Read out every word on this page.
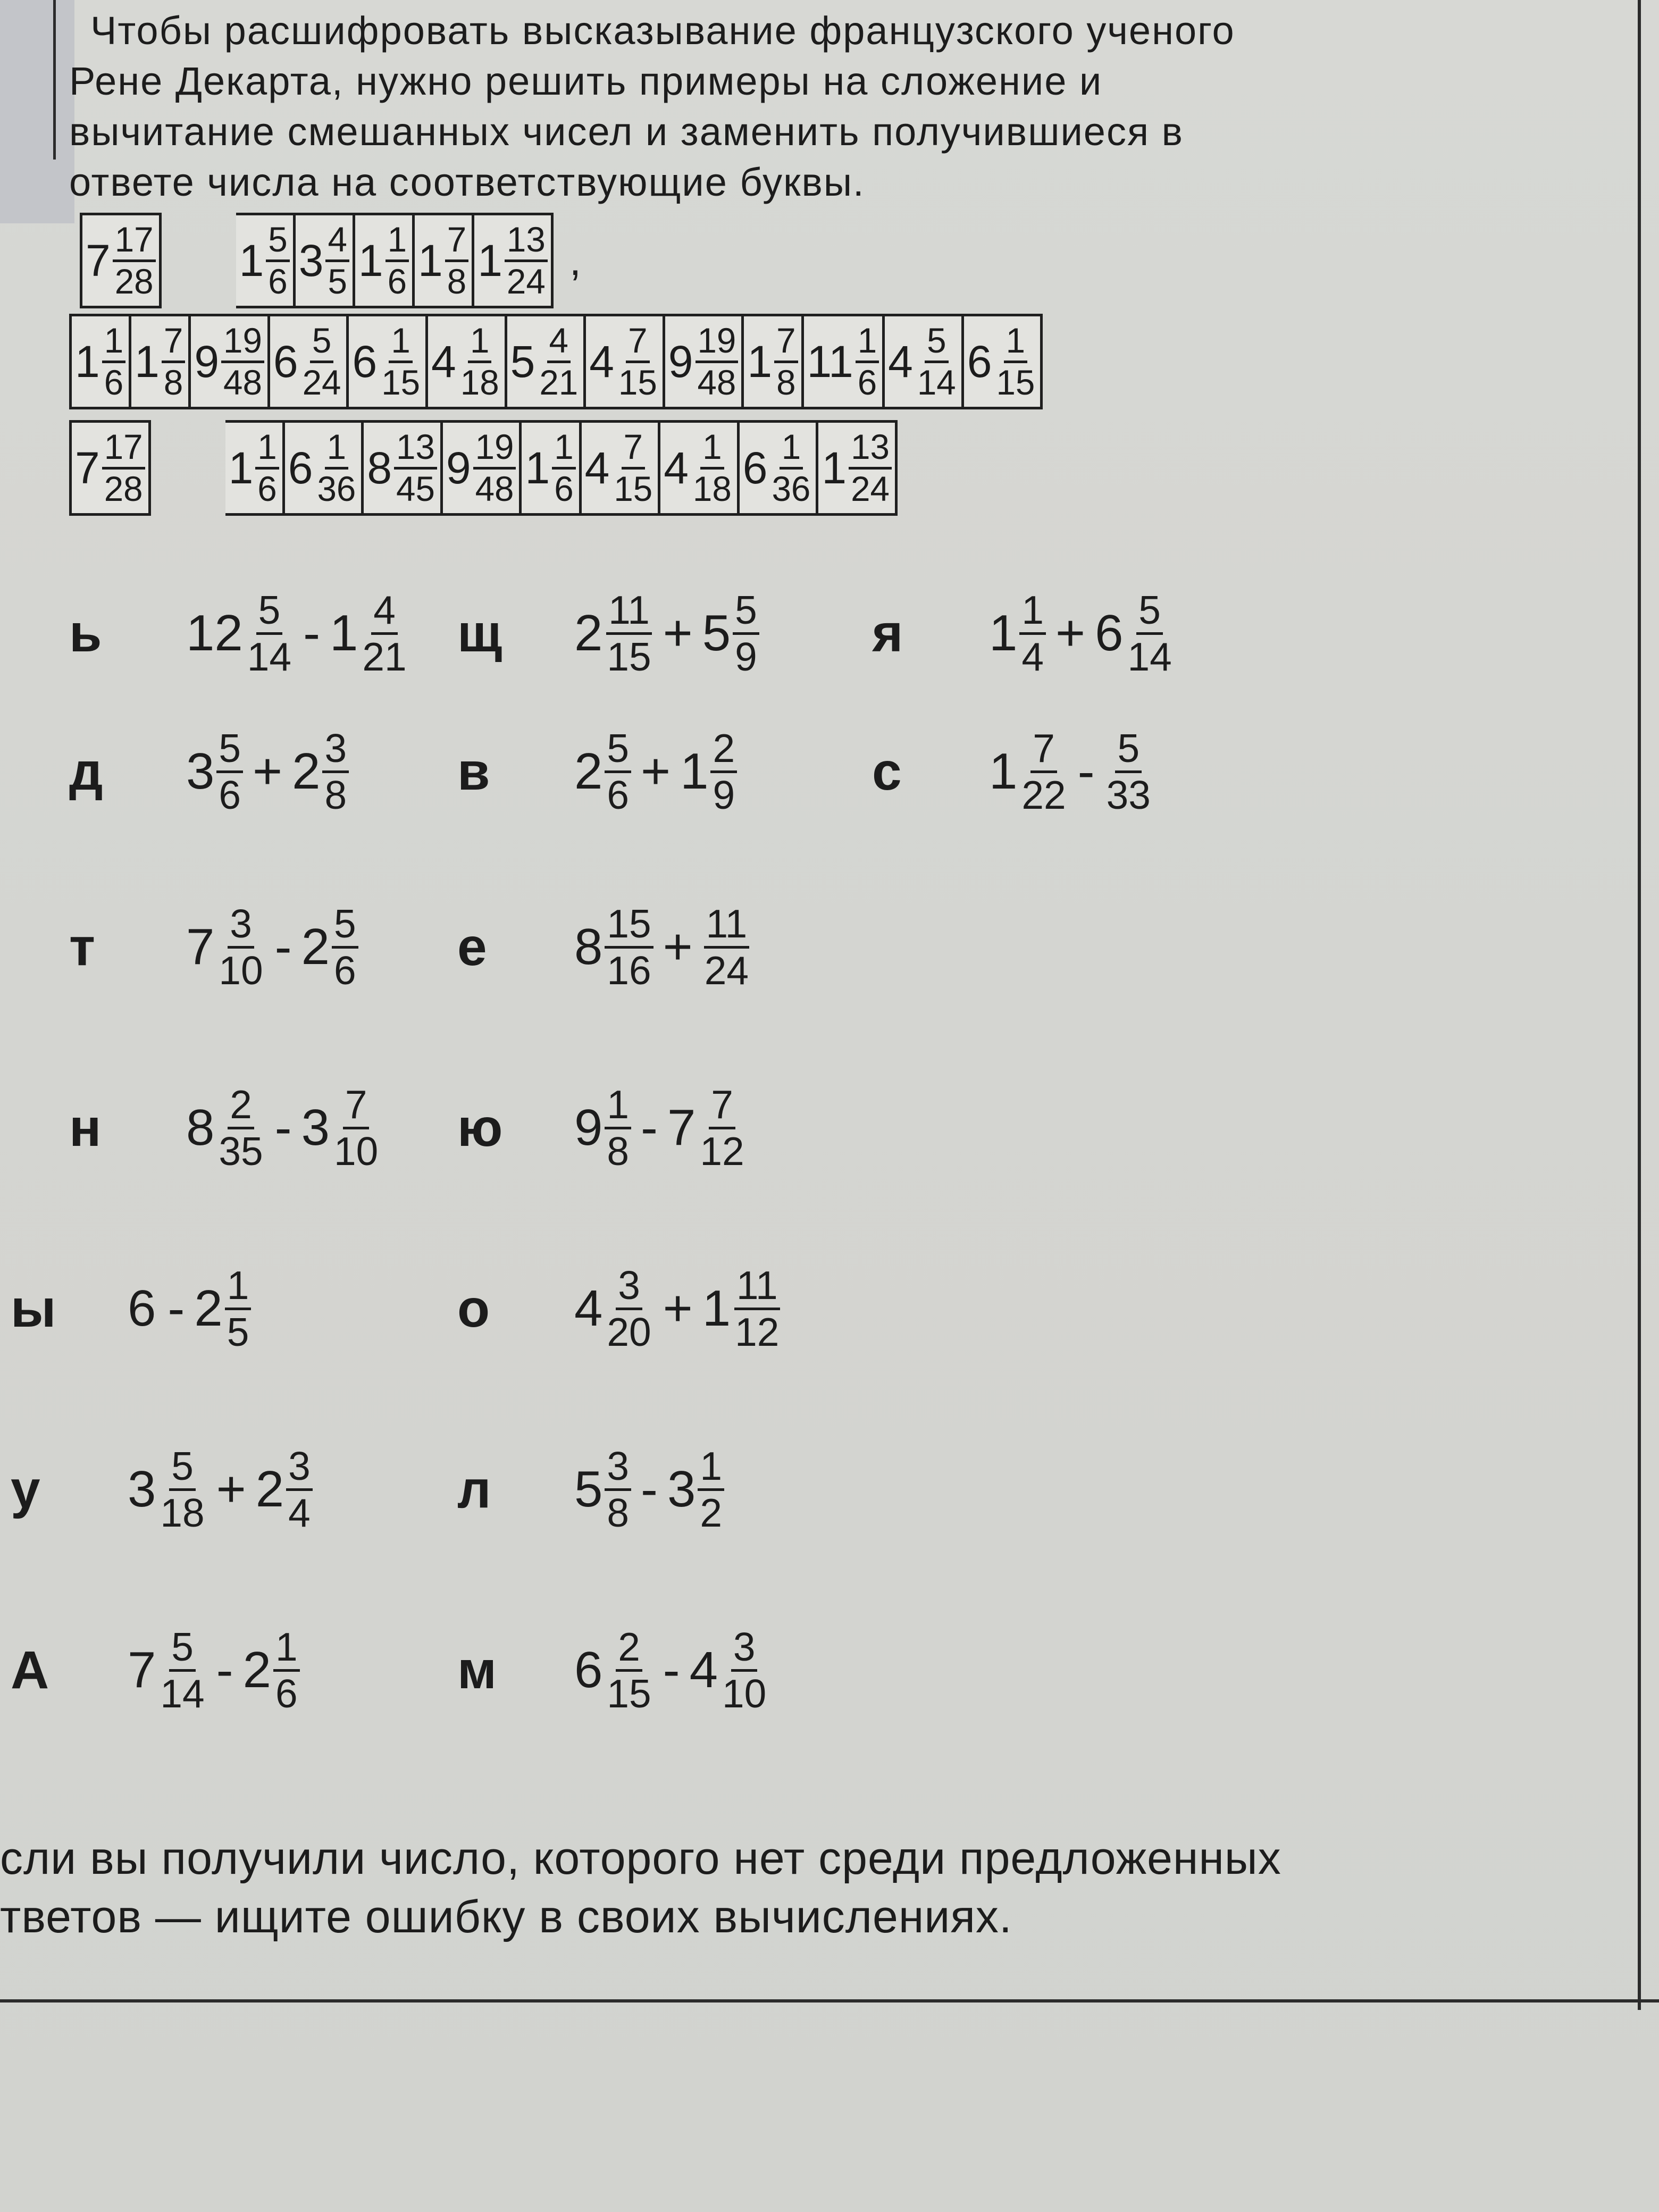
Чтобы расшифровать высказывание французского ученого
Рене Декарта, нужно решить примеры на сложение и
вычитание смешанных чисел и заменить получившиеся в
ответе числа на соответствующие буквы.
$7 \frac{17}{28} 1 \frac{5}{6} 3 \frac{4}{5} 1 \frac{1}{6} 1 \frac{7}{8} 1 \frac{13}{24}$ ,
$1 \frac{1}{6} 1 \frac{7}{8} 9 \frac{19}{48} 6 \frac{5}{24} 6 \frac{1}{15} 4 \frac{1}{18} 5 \frac{4}{21} 4 \frac{7}{15} 9 \frac{19}{48} 1 \frac{7}{8} 11 \frac{1}{6} 4 \frac{5}{14} 6 \frac{1}{15}$
$7 \frac{17}{28} 1 \frac{1}{6} 6 \frac{1}{36} 8 \frac{13}{45} 9 \frac{19}{48} 1 \frac{1}{6} 4 \frac{7}{15} 4 \frac{1}{18} 6 \frac{1}{36} 1 \frac{13}{24}$
ь	$12 \frac{5}{14} - 1 \frac{4}{21}$ щ	$2 \frac{11}{15} + 5 \frac{5}{9}$ я	$1 \frac{1}{4} + 6 \frac{5}{14}$
д	$3 \frac{5}{6} + 2 \frac{3}{8}$ в	$2 \frac{5}{6} + 1 \frac{2}{9}$	с	$1 \frac{7}{22} - \frac{5}{33}$
т	$7 \frac{3}{10} - 2 \frac{5}{6}$ е	$8 \frac{15}{16} + \frac{11}{24}$
н	$8 \frac{2}{35} - 3 \frac{7}{10}$ ю	$9 \frac{1}{8} - 7 \frac{7}{12}$
ы	$6 - 2 \frac{1}{5}$	о	$4 \frac{3}{20} + 1 \frac{11}{12}$
у	$3 \frac{5}{18} + 2 \frac{3}{4}$	л	$5 \frac{3}{8} - 3 \frac{1}{2}$
А	$7 \frac{5}{14} - 2 \frac{1}{6}$	м	$6 \frac{2}{15} - 4 \frac{3}{10}$
сли вы получили число, которого нет среди предложенных
тветов — ищите ошибку в своих вычислениях.
